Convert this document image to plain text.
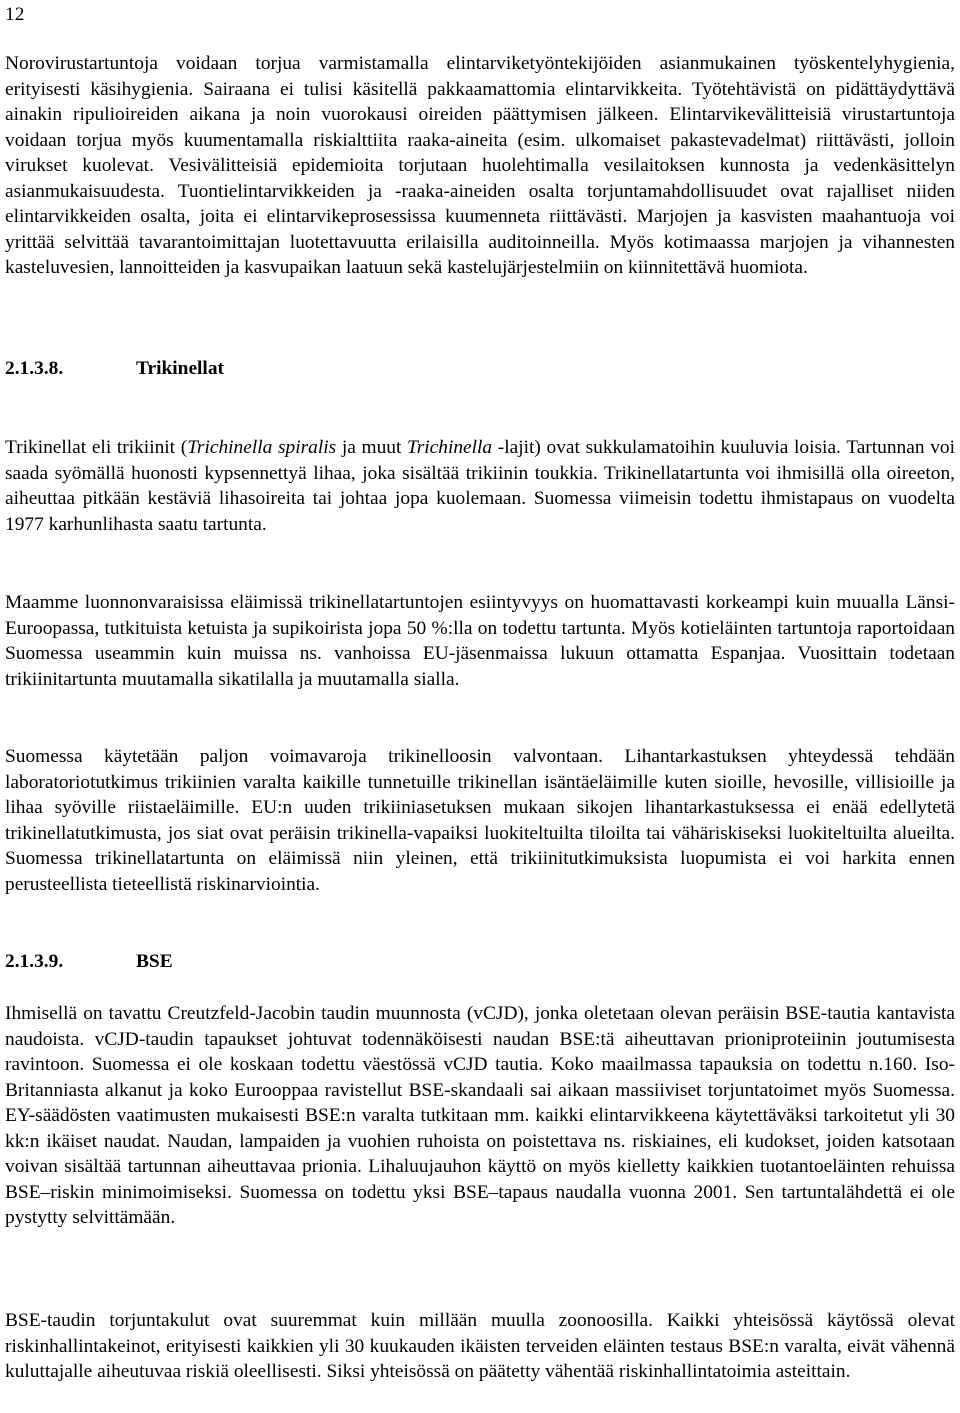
12

Norovirustartuntoja voidaan torjua varmistamalla elintarviketyöntekijöiden asianmukainen työskentelyhygienia, erityisesti käsihygienia. Sairaana ei tulisi käsitellä pakkaamattomia elintarvikkeita. Työtehtävistä on pidättäydyttävä ainakin ripulioireiden aikana ja noin vuorokausi oireiden päättymisen jälkeen. Elintarvikevälitteisiä virustartuntoja voidaan torjua myös kuumentamalla riskialttiita raaka-aineita (esim. ulkomaiset pakastevadelmat) riittävästi, jolloin virukset kuolevat. Vesivälitteisiä epidemioita torjutaan huolehtimalla vesilaitoksen kunnosta ja vedenkäsittelyn asianmukaisuudesta. Tuontielintarvikkeiden ja -raaka-aineiden osalta torjuntamahdollisuudet ovat rajalliset niiden elintarvikkeiden osalta, joita ei elintarvikeprosessissa kuumenneta riittävästi. Marjojen ja kasvisten maahantuoja voi yrittää selvittää tavarantoimittajan luotettavuutta erilaisilla auditoinneilla. Myös kotimaassa marjojen ja vihannesten kasteluvesien, lannoitteiden ja kasvupaikan laatuun sekä kastelujärjestelmiin on kiinnitettävä huomiota.

2.1.3.8.	Trikinellat

Trikinellat eli trikiinit (Trichinella spiralis ja muut Trichinella -lajit) ovat sukkulamatoihin kuuluvia loisia. Tartunnan voi saada syömällä huonosti kypsennettyä lihaa, joka sisältää trikiinin toukkia. Trikinellatartunta voi ihmisillä olla oireeton, aiheuttaa pitkään kestäviä lihasoireita tai johtaa jopa kuolemaan. Suomessa viimeisin todettu ihmistapaus on vuodelta 1977 karhunlihasta saatu tartunta.

Maamme luonnonvaraisissa eläimissä trikinellatartuntojen esiintyvyys on huomattavasti korkeampi kuin muualla Länsi-Euroopassa, tutkituista ketuista ja supikoirista jopa 50 %:lla on todettu tartunta. Myös kotieläinten tartuntoja raportoidaan Suomessa useammin kuin muissa ns. vanhoissa EU-jäsenmaissa lukuun ottamatta Espanjaa. Vuosittain todetaan trikiinitartunta muutamalla sikatilalla ja muutamalla sialla.

Suomessa käytetään paljon voimavaroja trikinelloosin valvontaan. Lihantarkastuksen yhteydessä tehdään laboratoriotutkimus trikiinien varalta kaikille tunnetuille trikinellan isäntäeläimille kuten sioille, hevosille, villisioille ja lihaa syöville riistaeläimille. EU:n uuden trikiiniasetuksen mukaan sikojen lihantarkastuksessa ei enää edellytetä trikinellatutkimusta, jos siat ovat peräisin trikinella-vapaiksi luokiteltuilta tiloilta tai vähäriskiseksi luokiteltuilta alueilta. Suomessa trikinellatartunta on eläimissä niin yleinen, että trikiinitutkimuksista luopumista ei voi harkita ennen perusteellista tieteellistä riskinarviointia.

2.1.3.9.	BSE

Ihmisellä on tavattu Creutzfeld-Jacobin taudin muunnosta (vCJD), jonka oletetaan olevan peräisin BSE-tautia kantavista naudoista. vCJD-taudin tapaukset johtuvat todennäköisesti naudan BSE:tä aiheuttavan prioniproteiinin joutumisesta ravintoon. Suomessa ei ole koskaan todettu väestössä vCJD tautia. Koko maailmassa tapauksia on todettu n.160. Iso-Britanniasta alkanut ja koko Eurooppaa ravistellut BSE-skandaali sai aikaan massiiviset torjuntatoimet myös Suomessa. EY-säädösten vaatimusten mukaisesti BSE:n varalta tutkitaan mm. kaikki elintarvikkeena käytettäväksi tarkoitetut yli 30 kk:n ikäiset naudat. Naudan, lampaiden ja vuohien ruhoista on poistettava ns. riskiaines, eli kudokset, joiden katsotaan voivan sisältää tartunnan aiheuttavaa prionia. Lihaluujauhon käyttö on myös kielletty kaikkien tuotantoeläinten rehuissa BSE–riskin minimoimiseksi. Suomessa on todettu yksi BSE–tapaus naudalla vuonna 2001. Sen tartuntalähdettä ei ole pystytty selvittämään.

BSE-taudin torjuntakulut ovat suuremmat kuin millään muulla zoonoosilla. Kaikki yhteisössä käytössä olevat riskinhallintakeinot, erityisesti kaikkien yli 30 kuukauden ikäisten terveiden eläinten testaus BSE:n varalta, eivät vähennä kuluttajalle aiheutuvaa riskiä oleellisesti. Siksi yhteisössä on päätetty vähentää riskinhallintatoimia asteittain.
